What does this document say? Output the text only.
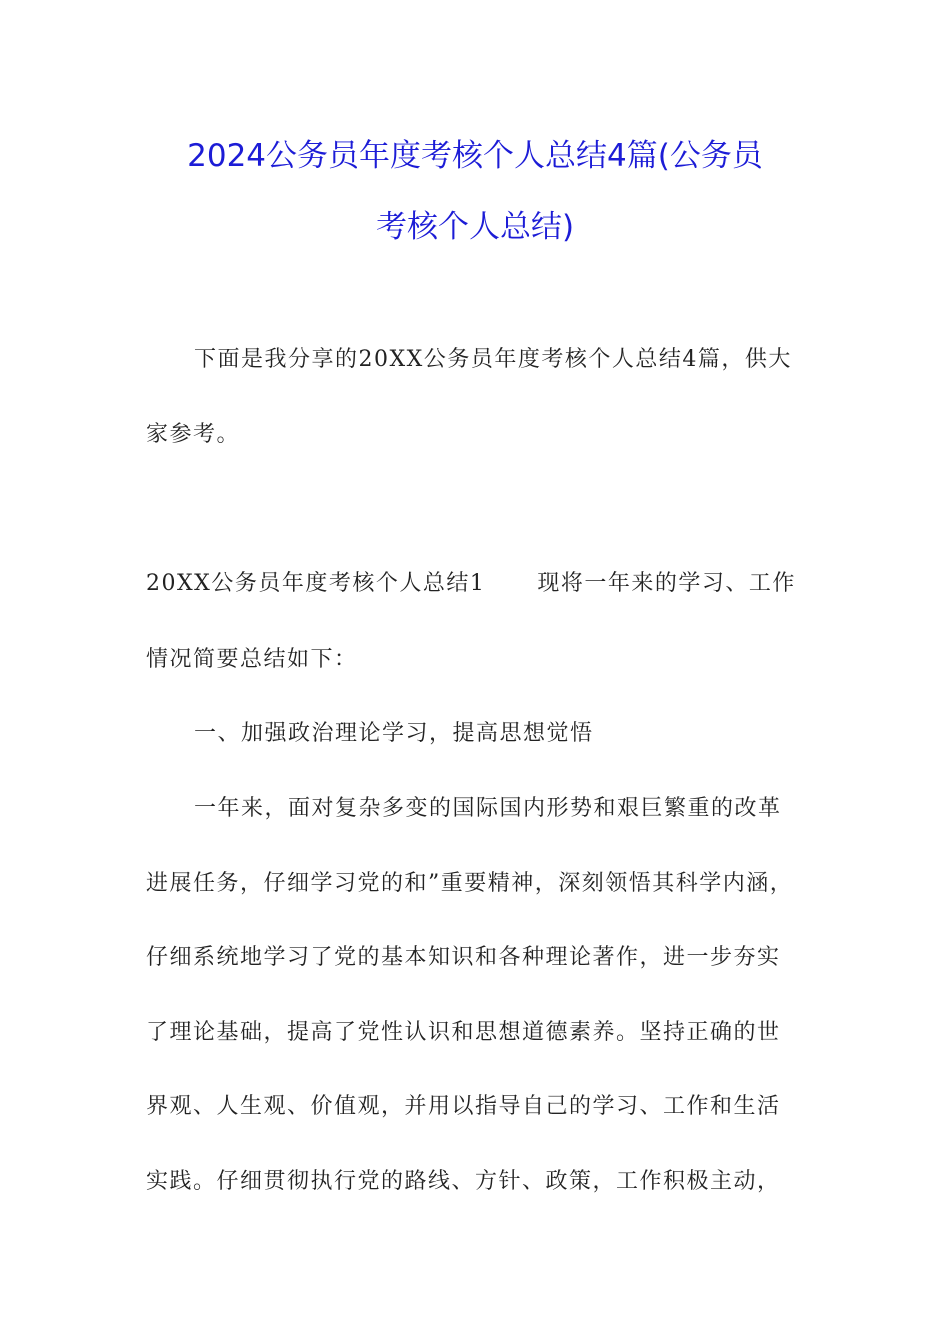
2024公务员年度考核个人总结4篇(公务员
考核个人总结)
下面是我分享的20XX公务员年度考核个人总结4篇，供大
家参考。
20XX公务员年度考核个人总结1 现将一年来的学习、工作
情况简要总结如下：
一、加强政治理论学习，提高思想觉悟
一年来，面对复杂多变的国际国内形势和艰巨繁重的改革
进展任务，仔细学习党的和”重要精神，深刻领悟其科学内涵，
仔细系统地学习了党的基本知识和各种理论著作，进一步夯实
了理论基础，提高了党性认识和思想道德素养。坚持正确的世
界观、人生观、价值观，并用以指导自己的学习、工作和生活
实践。仔细贯彻执行党的路线、方针、政策，工作积极主动，
